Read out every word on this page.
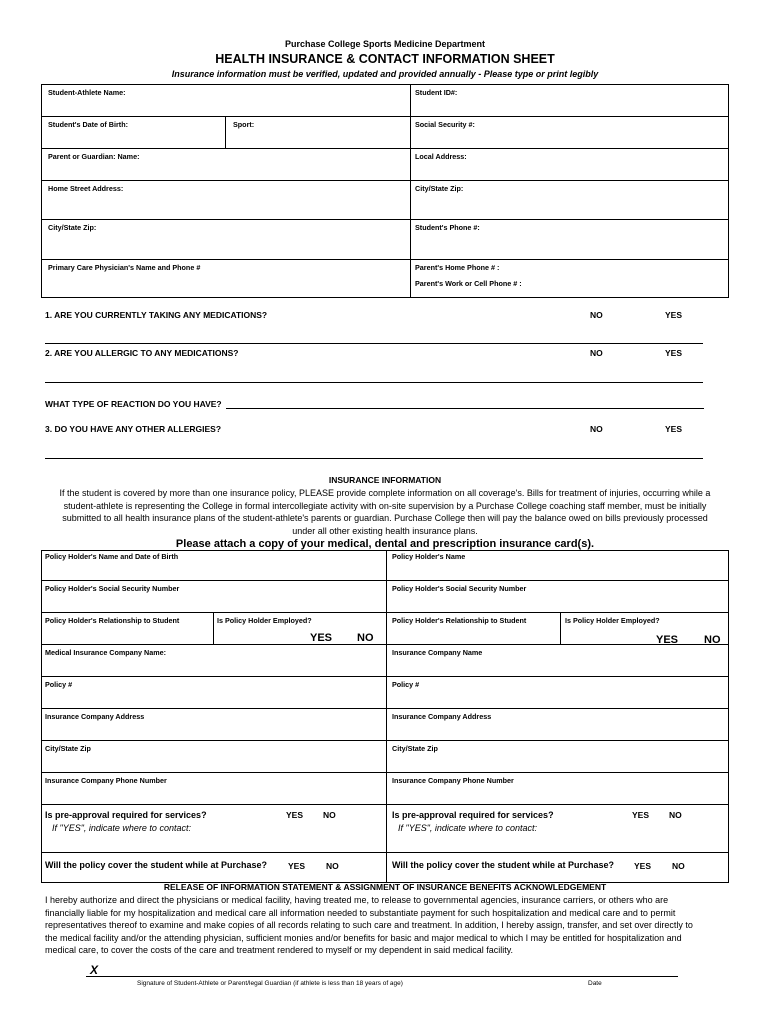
Purchase College Sports Medicine Department
HEALTH INSURANCE & CONTACT INFORMATION SHEET
Insurance information must be verified, updated and provided annually - Please type or print legibly
Student-Athlete Name:	Student ID#:
Student's Date of Birth:	Sport:	Social Security #:
Parent or Guardian: Name:	Local Address:
Home Street Address:	City/State Zip:
City/State Zip:	Student's Phone #:
Primary Care Physician's Name and Phone #	Parent's Home Phone # :
Parent's Work or Cell Phone # :
1. ARE YOU CURRENTLY TAKING ANY MEDICATIONS?	NO	YES
2. ARE YOU ALLERGIC TO ANY MEDICATIONS?	NO	YES
WHAT TYPE OF REACTION DO YOU HAVE?
3. DO YOU HAVE ANY OTHER ALLERGIES?	NO	YES
INSURANCE INFORMATION
If the student is covered by more than one insurance policy, PLEASE provide complete information on all coverage's. Bills for treatment of injuries, occurring while a
student-athlete is representing the College in formal intercollegiate activity with on-site supervision by a Purchase College coaching staff member, must be initially
submitted to all health insurance plans of the student-athlete's parents or guardian. Purchase College then will pay the balance owed on bills previously processed
under all other existing health insurance plans.
Please attach a copy of your medical, dental and prescription insurance card(s).
Policy Holder's Name and Date of Birth
Policy Holder's Social Security Number
Policy Holder's Relationship to Student	Is Policy Holder Employed?
YES NO
Medical Insurance Company Name:
Policy #
Insurance Company Address
City/State Zip
Insurance Company Phone Number
Is pre-approval required for services?	YES NO
If "YES", indicate where to contact:
Will the policy cover the student while at Purchase? YES NO
Policy Holder's Name
Policy Holder's Social Security Number
Policy Holder's Relationship to Student	Is Policy Holder Employed?
YES NO
Insurance Company Name
Policy #
Insurance Company Address
City/State Zip
Insurance Company Phone Number
Is pre-approval required for services?	YES NO
If "YES", indicate where to contact:
Will the policy cover the student while at Purchase? YES NO
RELEASE OF INFORMATION STATEMENT & ASSIGNMENT OF INSURANCE BENEFITS ACKNOWLEDGEMENT
I hereby authorize and direct the physicians or medical facility, having treated me, to release to governmental agencies, insurance carriers, or others who are
financially liable for my hospitalization and medical care all information needed to substantiate payment for such hospitalization and medical care and to permit
representatives thereof to examine and make copies of all records relating to such care and treatment. In addition, I hereby assign, transfer, and set over directly to
the medical facility and/or the attending physician, sufficient monies and/or benefits for basic and major medical to which I may be entitled for hospitalization and
medical care, to cover the costs of the care and treatment rendered to myself or my dependent in said medical facility.
X
Signature of Student-Athlete or Parent/legal Guardian (if athlete is less than 18 years of age)	Date
